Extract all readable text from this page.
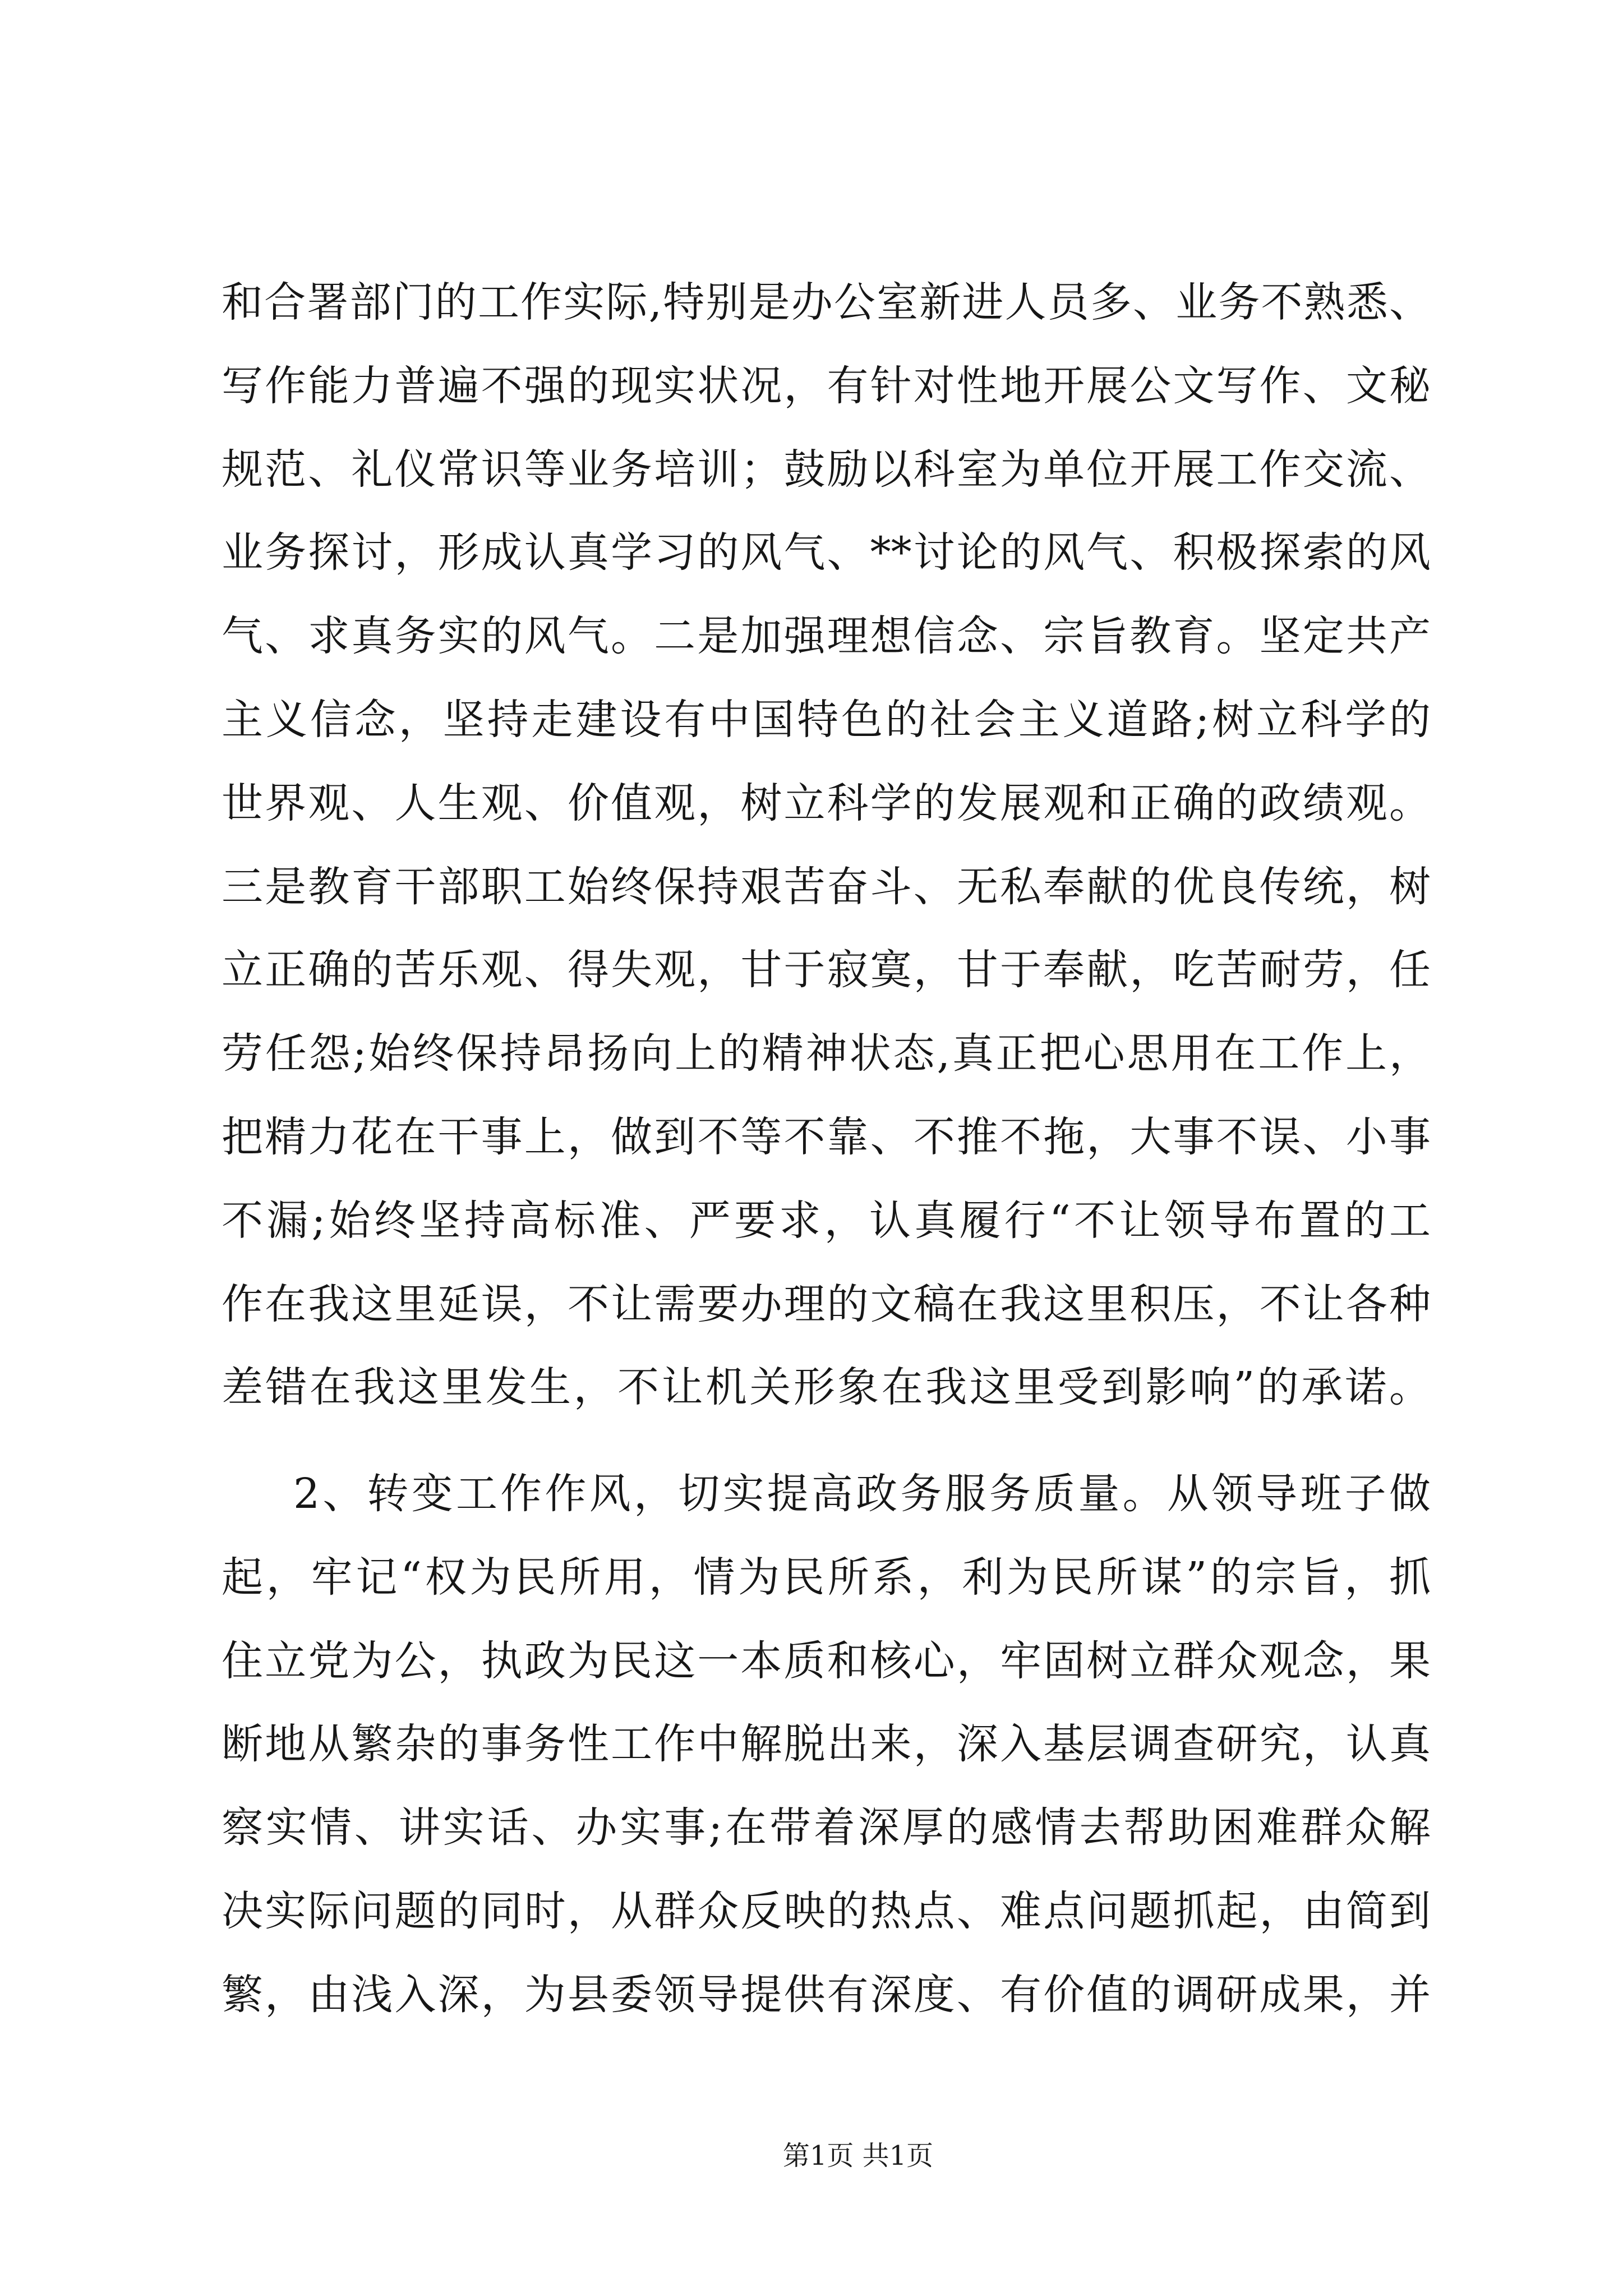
和合署部门的工作实际,特别是办公室新进人员多、业务不熟悉、
写作能力普遍不强的现实状况，有针对性地开展公文写作、文秘
规范、礼仪常识等业务培训；鼓励以科室为单位开展工作交流、
业务探讨，形成认真学习的风气、**讨论的风气、积极探索的风
气、求真务实的风气。二是加强理想信念、宗旨教育。坚定共产
主义信念，坚持走建设有中国特色的社会主义道路;树立科学的
世界观、人生观、价值观，树立科学的发展观和正确的政绩观。
三是教育干部职工始终保持艰苦奋斗、无私奉献的优良传统，树
立正确的苦乐观、得失观，甘于寂寞，甘于奉献，吃苦耐劳，任
劳任怨;始终保持昂扬向上的精神状态,真正把心思用在工作上，
把精力花在干事上，做到不等不靠、不推不拖，大事不误、小事
不漏;始终坚持高标准、严要求，认真履行“不让领导布置的工
作在我这里延误，不让需要办理的文稿在我这里积压，不让各种
差错在我这里发生，不让机关形象在我这里受到影响”的承诺。
2、转变工作作风，切实提高政务服务质量。从领导班子做
起，牢记“权为民所用，情为民所系，利为民所谋”的宗旨，抓
住立党为公，执政为民这一本质和核心，牢固树立群众观念，果
断地从繁杂的事务性工作中解脱出来，深入基层调查研究，认真
察实情、讲实话、办实事;在带着深厚的感情去帮助困难群众解
决实际问题的同时，从群众反映的热点、难点问题抓起，由简到
繁，由浅入深，为县委领导提供有深度、有价值的调研成果，并
第1页 共1页
